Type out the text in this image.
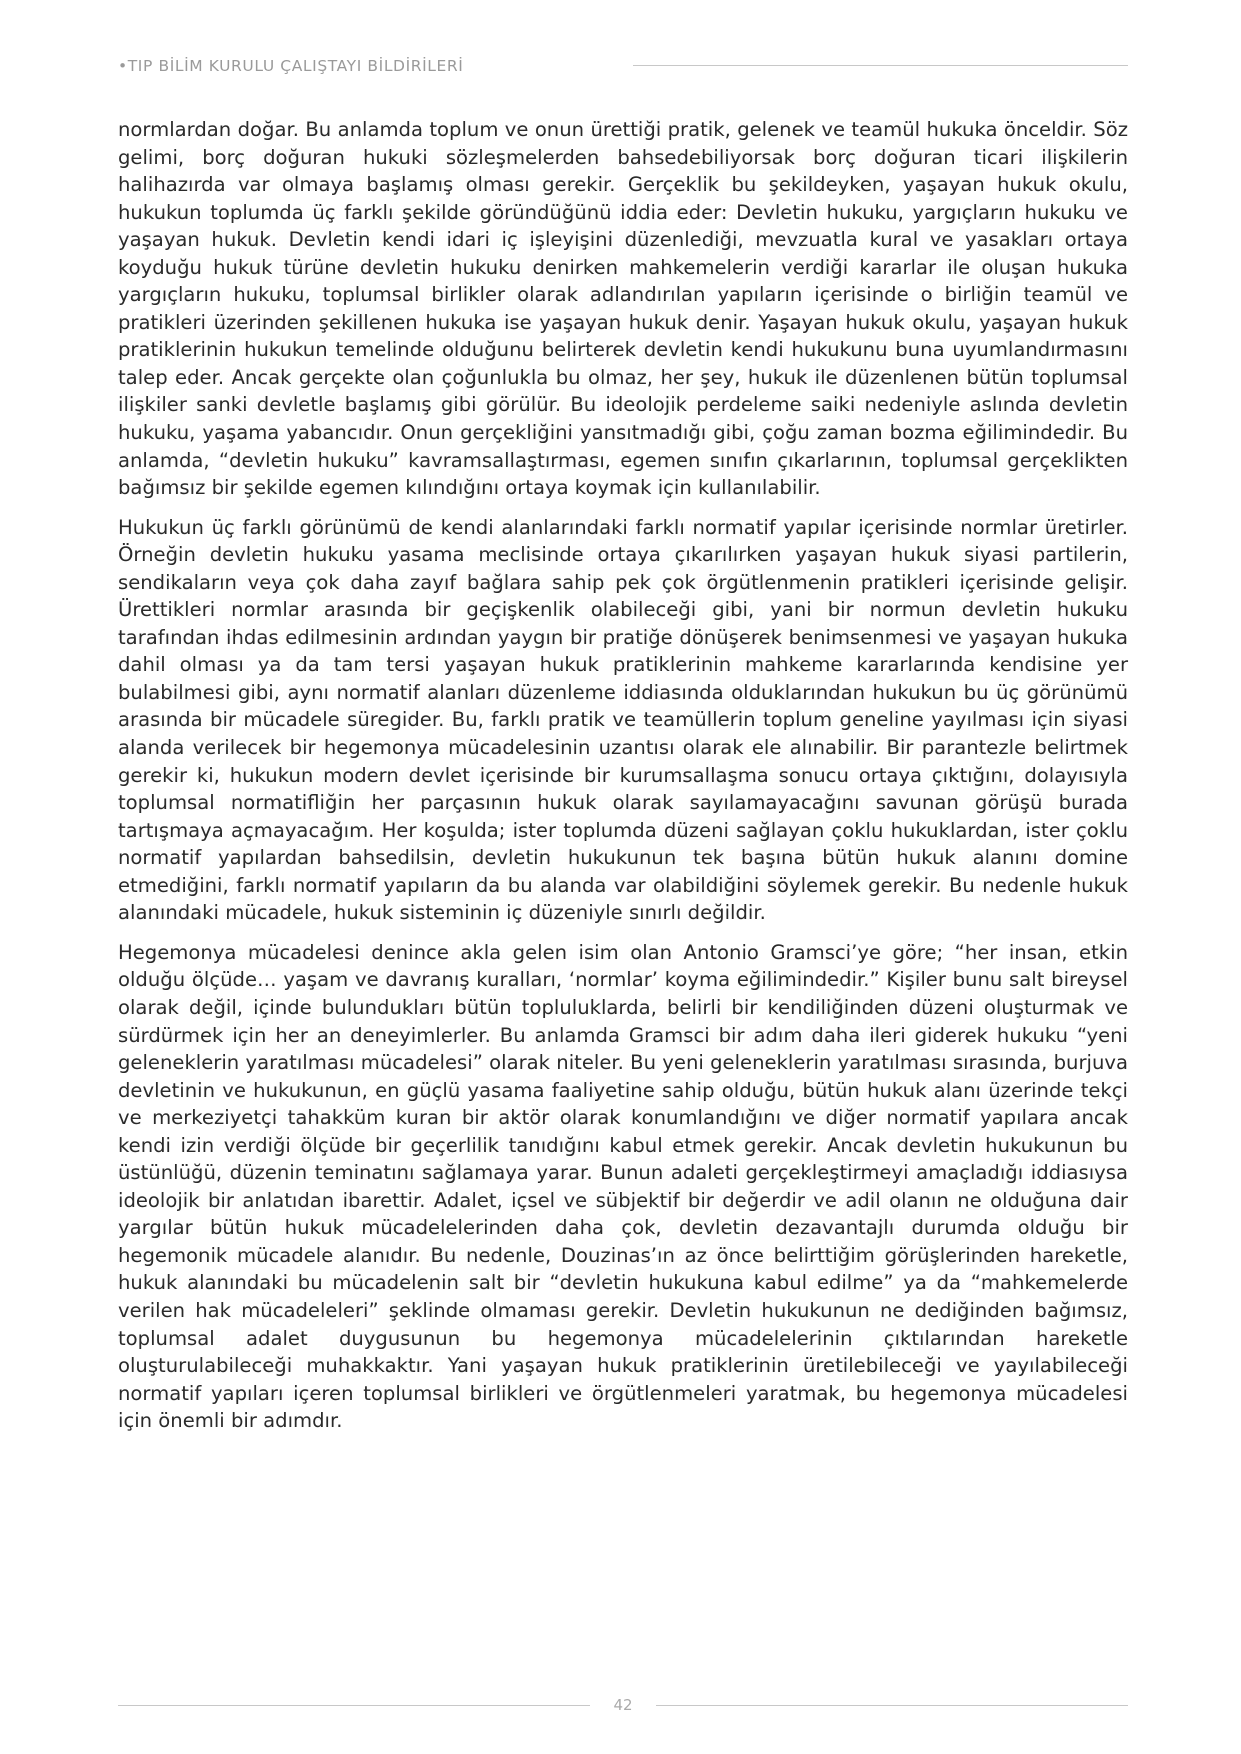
•TIP BİLİM KURULU ÇALIŞTAYI BİLDİRİLERİ

normlardan doğar. Bu anlamda toplum ve onun ürettiği pratik, gelenek ve teamül hukuka önceldir. Söz gelimi, borç doğuran hukuki sözleşmelerden bahsedebiliyorsak borç doğuran ticari ilişkilerin halihazırda var olmaya başlamış olması gerekir. Gerçeklik bu şekildeyken, yaşayan hukuk okulu, hukukun toplumda üç farklı şekilde göründüğünü iddia eder: Devletin hukuku, yargıçların hukuku ve yaşayan hukuk. Devletin kendi idari iç işleyişini düzenlediği, mevzuatla kural ve yasakları ortaya koyduğu hukuk türüne devletin hukuku denirken mahkemelerin verdiği kararlar ile oluşan hukuka yargıçların hukuku, toplumsal birlikler olarak adlandırılan yapıların içerisinde o birliğin teamül ve pratikleri üzerinden şekillenen hukuka ise yaşayan hukuk denir. Yaşayan hukuk okulu, yaşayan hukuk pratiklerinin hukukun temelinde olduğunu belirterek devletin kendi hukukunu buna uyumlandırmasını talep eder. Ancak gerçekte olan çoğunlukla bu olmaz, her şey, hukuk ile düzenlenen bütün toplumsal ilişkiler sanki devletle başlamış gibi görülür. Bu ideolojik perdeleme saiki nedeniyle aslında devletin hukuku, yaşama yabancıdır. Onun gerçekliğini yansıtmadığı gibi, çoğu zaman bozma eğilimindedir. Bu anlamda, “devletin hukuku” kavramsallaştırması, egemen sınıfın çıkarlarının, toplumsal gerçeklikten bağımsız bir şekilde egemen kılındığını ortaya koymak için kullanılabilir.

Hukukun üç farklı görünümü de kendi alanlarındaki farklı normatif yapılar içerisinde normlar üretirler. Örneğin devletin hukuku yasama meclisinde ortaya çıkarılırken yaşayan hukuk siyasi partilerin, sendikaların veya çok daha zayıf bağlara sahip pek çok örgütlenmenin pratikleri içerisinde gelişir. Ürettikleri normlar arasında bir geçişkenlik olabileceği gibi, yani bir normun devletin hukuku tarafından ihdas edilmesinin ardından yaygın bir pratiğe dönüşerek benimsenmesi ve yaşayan hukuka dahil olması ya da tam tersi yaşayan hukuk pratiklerinin mahkeme kararlarında kendisine yer bulabilmesi gibi, aynı normatif alanları düzenleme iddiasında olduklarından hukukun bu üç görünümü arasında bir mücadele süregider. Bu, farklı pratik ve teamüllerin toplum geneline yayılması için siyasi alanda verilecek bir hegemonya mücadelesinin uzantısı olarak ele alınabilir. Bir parantezle belirtmek gerekir ki, hukukun modern devlet içerisinde bir kurumsallaşma sonucu ortaya çıktığını, dolayısıyla toplumsal normatifliğin her parçasının hukuk olarak sayılamayacağını savunan görüşü burada tartışmaya açmayacağım. Her koşulda; ister toplumda düzeni sağlayan çoklu hukuklardan, ister çoklu normatif yapılardan bahsedilsin, devletin hukukunun tek başına bütün hukuk alanını domine etmediğini, farklı normatif yapıların da bu alanda var olabildiğini söylemek gerekir. Bu nedenle hukuk alanındaki mücadele, hukuk sisteminin iç düzeniyle sınırlı değildir.

Hegemonya mücadelesi denince akla gelen isim olan Antonio Gramsci’ye göre; “her insan, etkin olduğu ölçüde… yaşam ve davranış kuralları, ‘normlar’ koyma eğilimindedir.” Kişiler bunu salt bireysel olarak değil, içinde bulundukları bütün topluluklarda, belirli bir kendiliğinden düzeni oluşturmak ve sürdürmek için her an deneyimlerler. Bu anlamda Gramsci bir adım daha ileri giderek hukuku “yeni geleneklerin yaratılması mücadelesi” olarak niteler. Bu yeni geleneklerin yaratılması sırasında, burjuva devletinin ve hukukunun, en güçlü yasama faaliyetine sahip olduğu, bütün hukuk alanı üzerinde tekçi ve merkeziyetçi tahakküm kuran bir aktör olarak konumlandığını ve diğer normatif yapılara ancak kendi izin verdiği ölçüde bir geçerlilik tanıdığını kabul etmek gerekir. Ancak devletin hukukunun bu üstünlüğü, düzenin teminatını sağlamaya yarar. Bunun adaleti gerçekleştirmeyi amaçladığı iddiasıysa ideolojik bir anlatıdan ibarettir. Adalet, içsel ve sübjektif bir değerdir ve adil olanın ne olduğuna dair yargılar bütün hukuk mücadelelerinden daha çok, devletin dezavantajlı durumda olduğu bir hegemonik mücadele alanıdır. Bu nedenle, Douzinas’ın az önce belirttiğim görüşlerinden hareketle, hukuk alanındaki bu mücadelenin salt bir “devletin hukukuna kabul edilme” ya da “mahkemelerde verilen hak mücadeleleri” şeklinde olmaması gerekir. Devletin hukukunun ne dediğinden bağımsız, toplumsal adalet duygusunun bu hegemonya mücadelelerinin çıktılarından hareketle oluşturulabileceği muhakkaktır. Yani yaşayan hukuk pratiklerinin üretilebileceği ve yayılabileceği normatif yapıları içeren toplumsal birlikleri ve örgütlenmeleri yaratmak, bu hegemonya mücadelesi için önemli bir adımdır.

42
